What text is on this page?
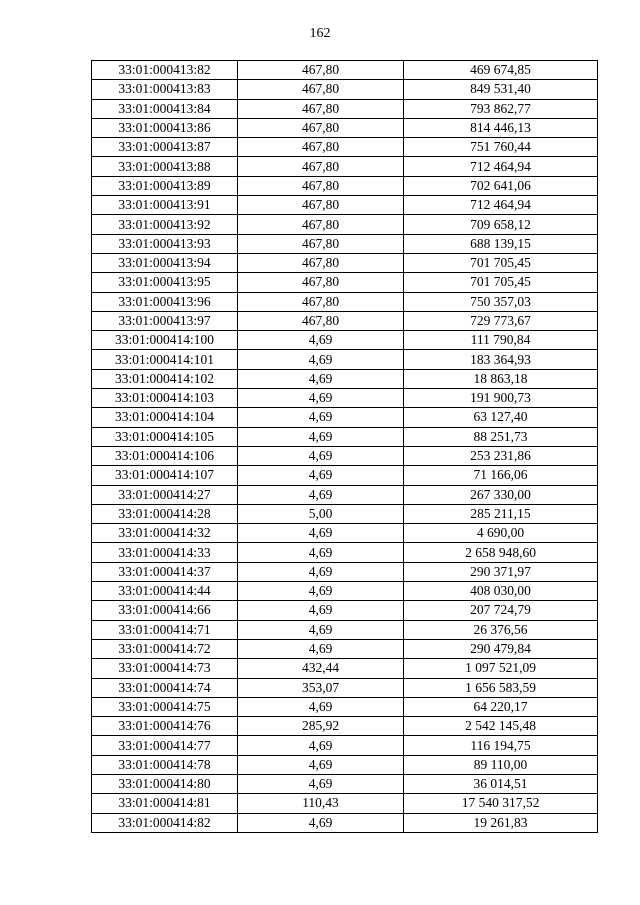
162
33:01:000413:82	467,80	469 674,85
33:01:000413:83	467,80	849 531,40
33:01:000413:84	467,80	793 862,77
33:01:000413:86	467,80	814 446,13
33:01:000413:87	467,80	751 760,44
33:01:000413:88	467,80	712 464,94
33:01:000413:89	467,80	702 641,06
33:01:000413:91	467,80	712 464,94
33:01:000413:92	467,80	709 658,12
33:01:000413:93	467,80	688 139,15
33:01:000413:94	467,80	701 705,45
33:01:000413:95	467,80	701 705,45
33:01:000413:96	467,80	750 357,03
33:01:000413:97	467,80	729 773,67
33:01:000414:100	4,69	111 790,84
33:01:000414:101	4,69	183 364,93
33:01:000414:102	4,69	18 863,18
33:01:000414:103	4,69	191 900,73
33:01:000414:104	4,69	63 127,40
33:01:000414:105	4,69	88 251,73
33:01:000414:106	4,69	253 231,86
33:01:000414:107	4,69	71 166,06
33:01:000414:27	4,69	267 330,00
33:01:000414:28	5,00	285 211,15
33:01:000414:32	4,69	4 690,00
33:01:000414:33	4,69	2 658 948,60
33:01:000414:37	4,69	290 371,97
33:01:000414:44	4,69	408 030,00
33:01:000414:66	4,69	207 724,79
33:01:000414:71	4,69	26 376,56
33:01:000414:72	4,69	290 479,84
33:01:000414:73	432,44	1 097 521,09
33:01:000414:74	353,07	1 656 583,59
33:01:000414:75	4,69	64 220,17
33:01:000414:76	285,92	2 542 145,48
33:01:000414:77	4,69	116 194,75
33:01:000414:78	4,69	89 110,00
33:01:000414:80	4,69	36 014,51
33:01:000414:81	110,43	17 540 317,52
33:01:000414:82	4,69	19 261,83
